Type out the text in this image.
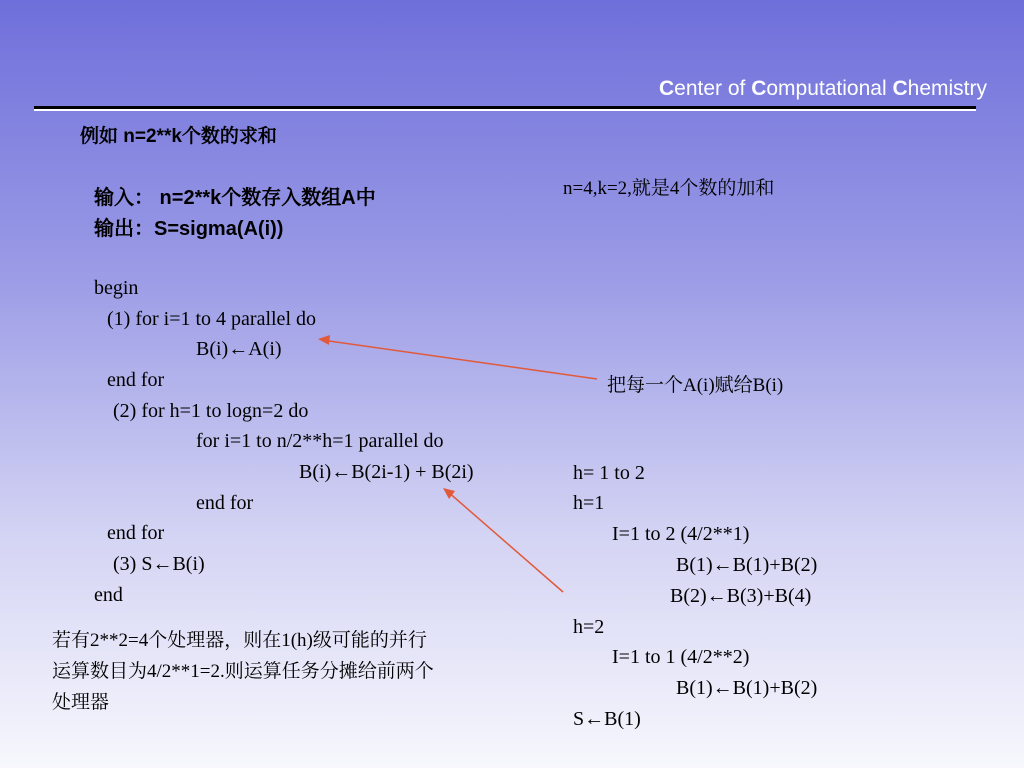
Center of Computational Chemistry
例如 n=2**k个数的求和
输入： n=2**k个数存入数组A中
输出：S=sigma(A(i))
begin
(1) for i=1 to 4 parallel do
B(i)←A(i)
end for
(2) for h=1 to logn=2 do
for i=1 to n/2**h=1 parallel do
B(i)←B(2i-1) + B(2i)
end for
end for
(3) S←B(i)
end
n=4,k=2,就是4个数的加和
把每一个A(i)赋给B(i)
h= 1 to 2
h=1
I=1 to 2 (4/2**1)
B(1)←B(1)+B(2)
B(2)←B(3)+B(4)
h=2
I=1 to 1 (4/2**2)
B(1)←B(1)+B(2)
S←B(1)
若有2**2=4个处理器，则在1(h)级可能的并行
运算数目为4/2**1=2.则运算任务分摊给前两个
处理器
